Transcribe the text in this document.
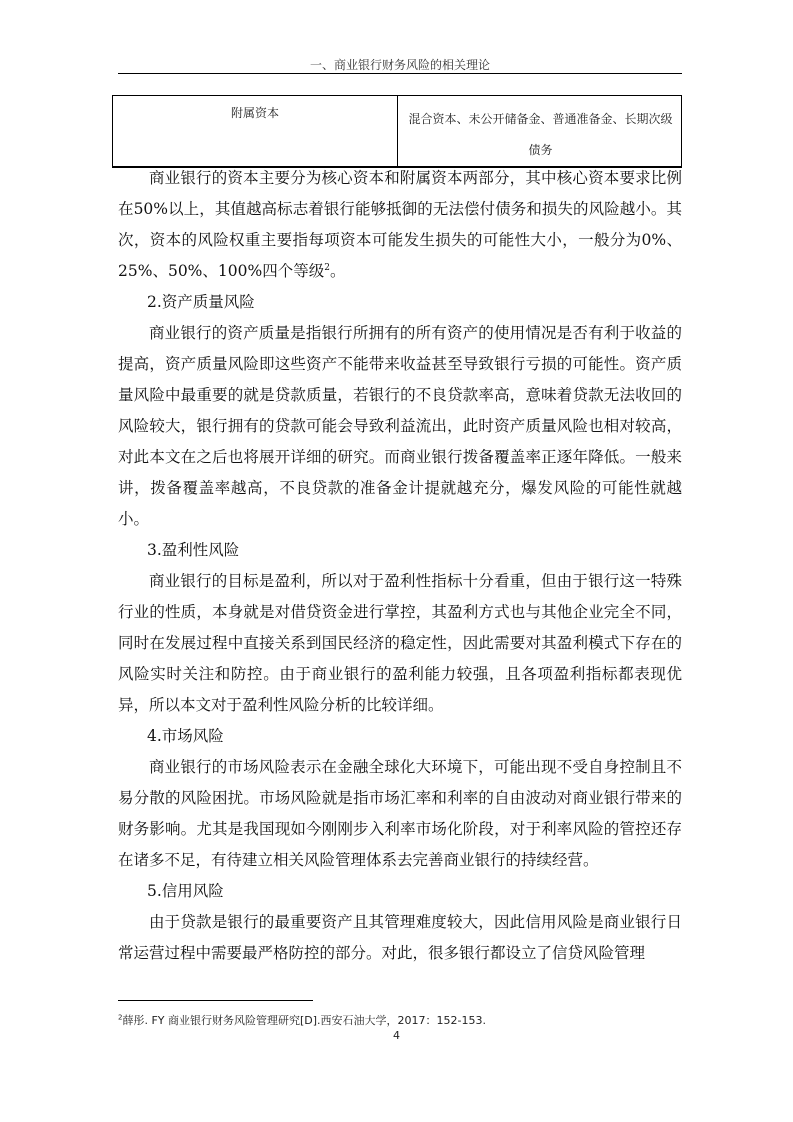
一、商业银行财务风险的相关理论
附属资本	混合资本、未公开储备金、普通准备金、长期次级
债务

商业银行的资本主要分为核心资本和附属资本两部分，其中核心资本要求比例在50%以上，其值越高标志着银行能够抵御的无法偿付债务和损失的风险越小。其次，资本的风险权重主要指每项资本可能发生损失的可能性大小，一般分为0%、25%、50%、100%四个等级$^2$。

2.资产质量风险

商业银行的资产质量是指银行所拥有的所有资产的使用情况是否有利于收益的提高，资产质量风险即这些资产不能带来收益甚至导致银行亏损的可能性。资产质量风险中最重要的就是贷款质量，若银行的不良贷款率高，意味着贷款无法收回的风险较大，银行拥有的贷款可能会导致利益流出，此时资产质量风险也相对较高，对此本文在之后也将展开详细的研究。而商业银行拨备覆盖率正逐年降低。一般来讲，拨备覆盖率越高，不良贷款的准备金计提就越充分，爆发风险的可能性就越小。

3.盈利性风险

商业银行的目标是盈利，所以对于盈利性指标十分看重，但由于银行这一特殊行业的性质，本身就是对借贷资金进行掌控，其盈利方式也与其他企业完全不同，同时在发展过程中直接关系到国民经济的稳定性，因此需要对其盈利模式下存在的风险实时关注和防控。由于商业银行的盈利能力较强，且各项盈利指标都表现优异，所以本文对于盈利性风险分析的比较详细。

4.市场风险

商业银行的市场风险表示在金融全球化大环境下，可能出现不受自身控制且不易分散的风险困扰。市场风险就是指市场汇率和利率的自由波动对商业银行带来的财务影响。尤其是我国现如今刚刚步入利率市场化阶段，对于利率风险的管控还存在诸多不足，有待建立相关风险管理体系去完善商业银行的持续经营。

5.信用风险

由于贷款是银行的最重要资产且其管理难度较大，因此信用风险是商业银行日常运营过程中需要最严格防控的部分。对此，很多银行都设立了信贷风险管理

$^2$薛彤. FY 商业银行财务风险管理研究[D].西安石油大学，2017：152-153.
4
